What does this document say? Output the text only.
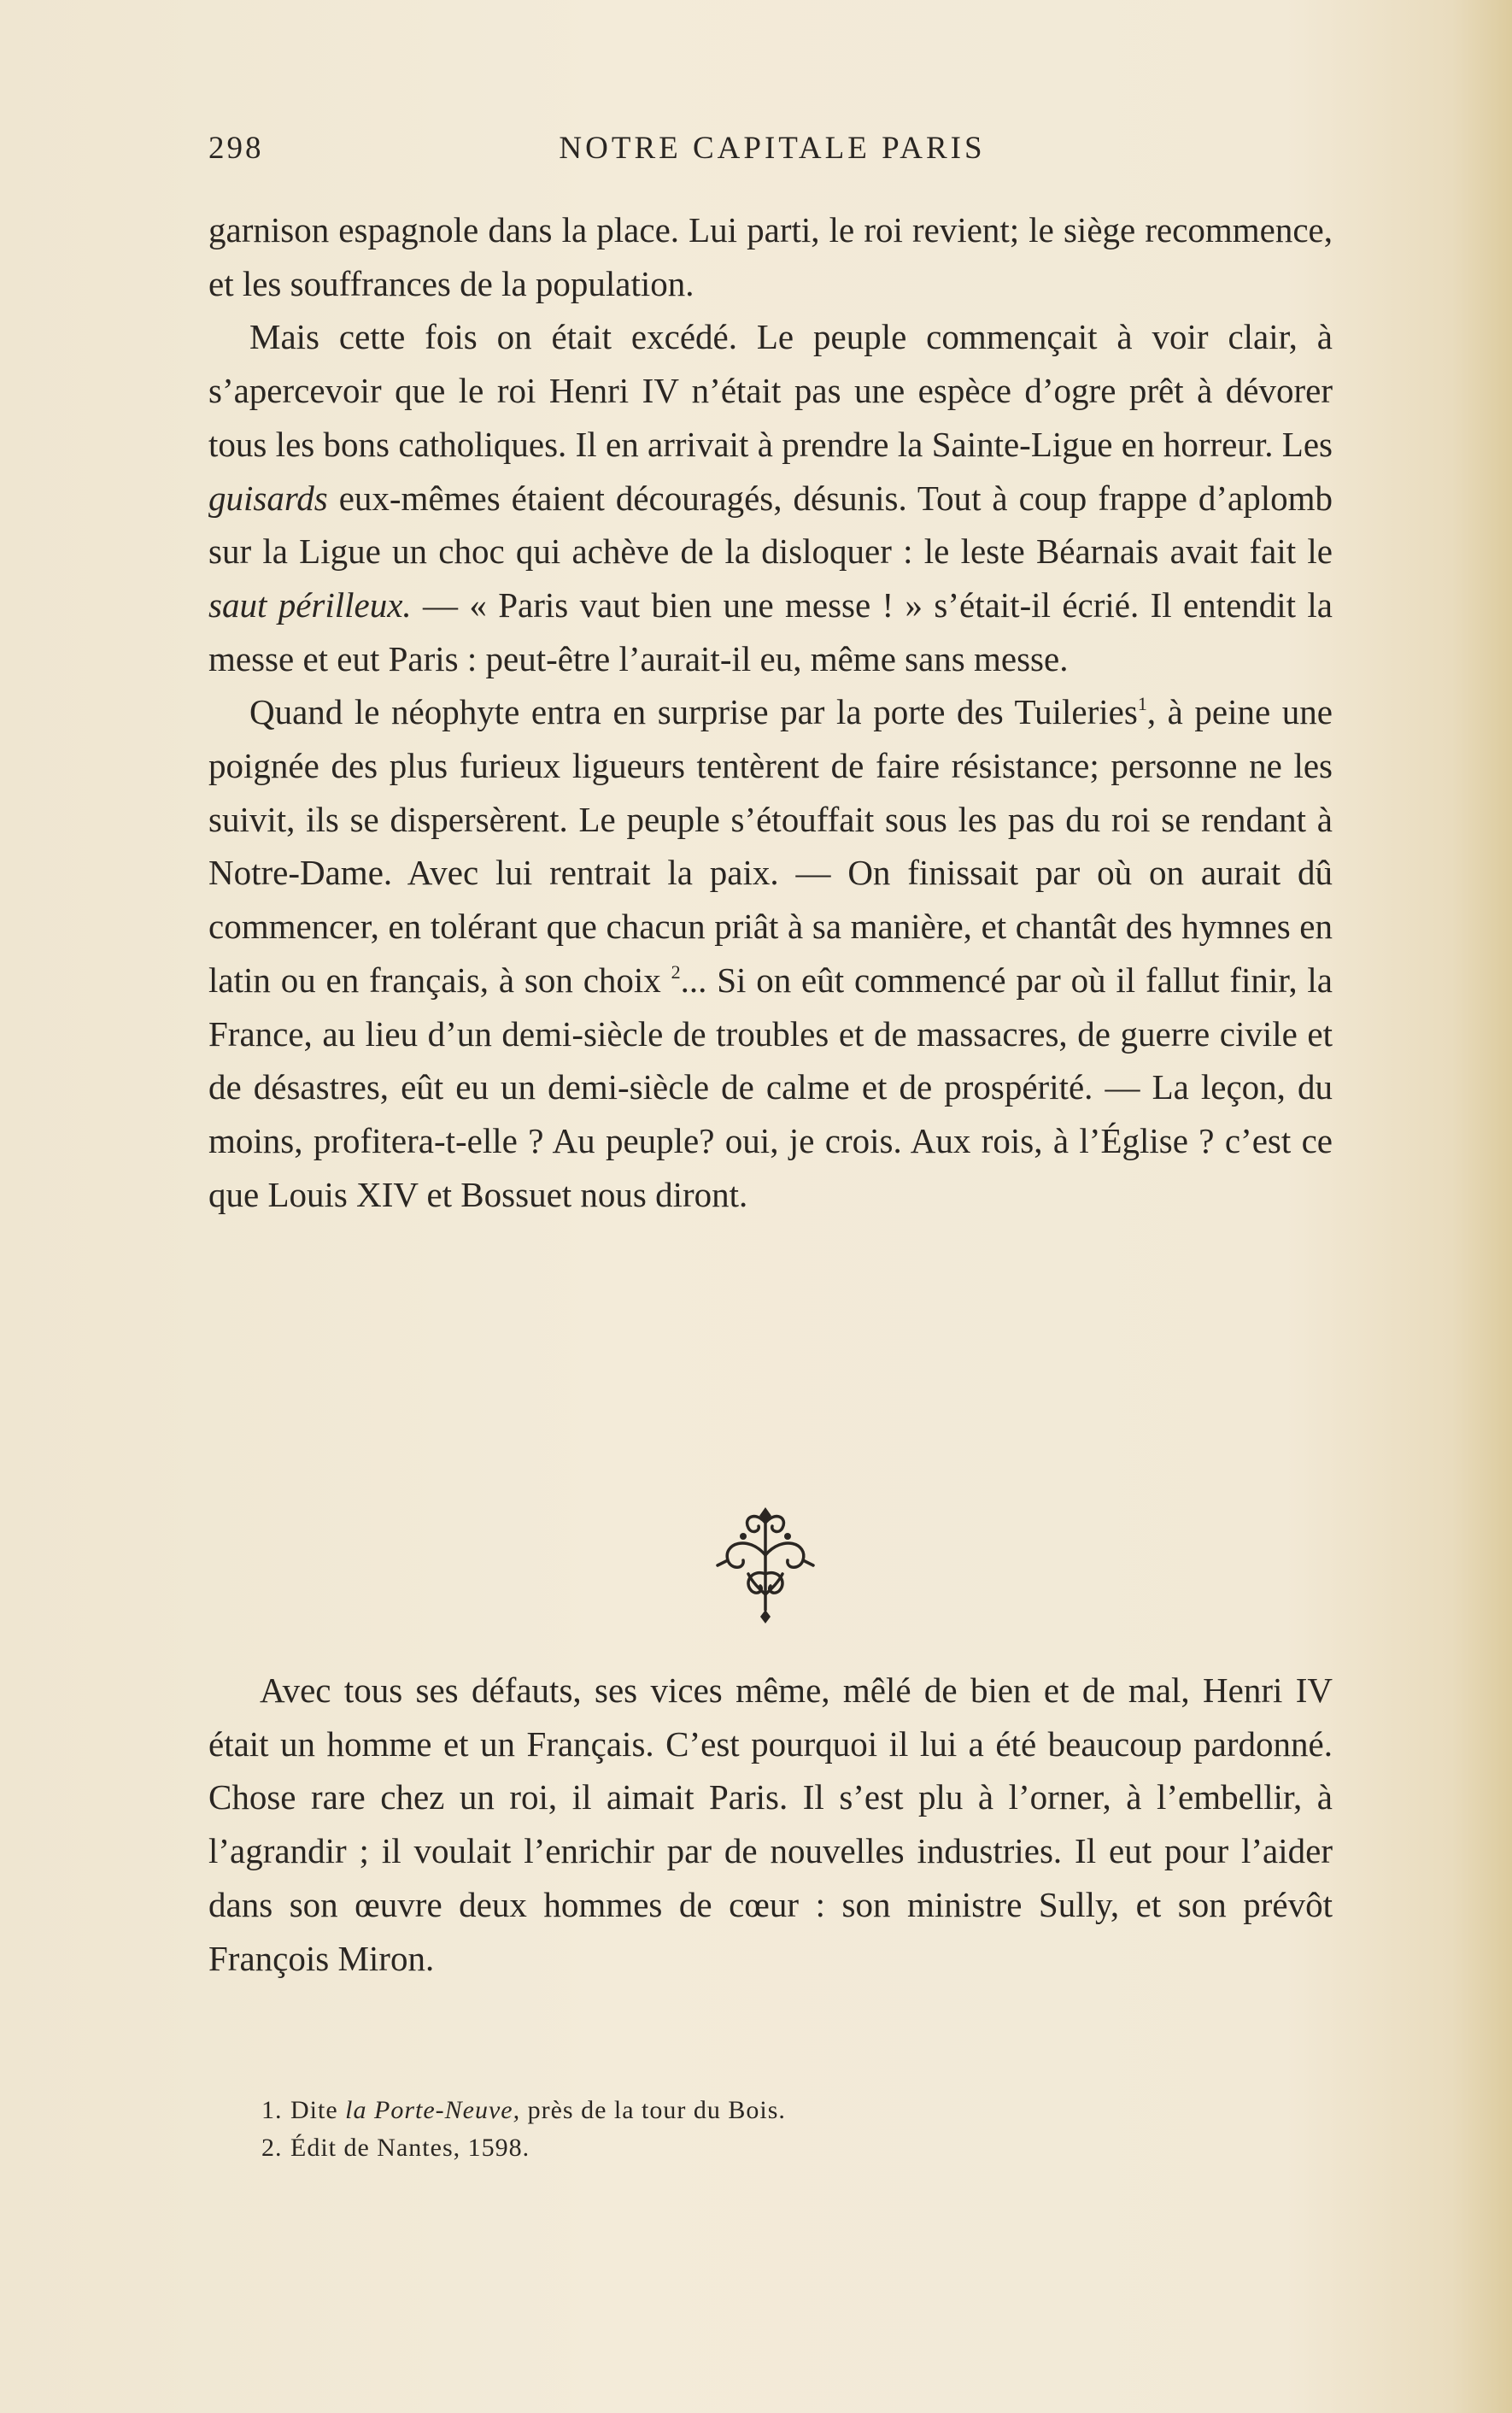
298	NOTRE CAPITALE PARIS

garnison espagnole dans la place. Lui parti, le roi revient; le siège recommence, et les souffrances de la population.

Mais cette fois on était excédé. Le peuple commençait à voir clair, à s’apercevoir que le roi Henri IV n’était pas une espèce d’ogre prêt à dévorer tous les bons catholiques. Il en arrivait à prendre la Sainte-Ligue en horreur. Les guisards eux-mêmes étaient découragés, désunis. Tout à coup frappe d’aplomb sur la Ligue un choc qui achève de la disloquer : le leste Béarnais avait fait le saut périlleux. — « Paris vaut bien une messe ! » s’était-il écrié. Il entendit la messe et eut Paris : peut-être l’aurait-il eu, même sans messe.

Quand le néophyte entra en surprise par la porte des Tuileries$^1$, à peine une poignée des plus furieux ligueurs tentèrent de faire résistance; personne ne les suivit, ils se dispersèrent. Le peuple s’étouffait sous les pas du roi se rendant à Notre-Dame. Avec lui rentrait la paix. — On finissait par où on aurait dû commencer, en tolérant que chacun priât à sa manière, et chantât des hymnes en latin ou en français, à son choix $^2$... Si on eût commencé par où il fallut finir, la France, au lieu d’un demi-siècle de troubles et de massacres, de guerre civile et de désastres, eût eu un demi-siècle de calme et de prospérité. — La leçon, du moins, profitera-t-elle ? Au peuple? oui, je crois. Aux rois, à l’Église ? c’est ce que Louis XIV et Bossuet nous diront.

Avec tous ses défauts, ses vices même, mêlé de bien et de mal, Henri IV était un homme et un Français. C’est pourquoi il lui a été beaucoup pardonné. Chose rare chez un roi, il aimait Paris. Il s’est plu à l’orner, à l’embellir, à l’agrandir ; il voulait l’enrichir par de nouvelles industries. Il eut pour l’aider dans son œuvre deux hommes de cœur : son ministre Sully, et son prévôt François Miron.

1. Dite la Porte-Neuve, près de la tour du Bois.
2. Édit de Nantes, 1598.
